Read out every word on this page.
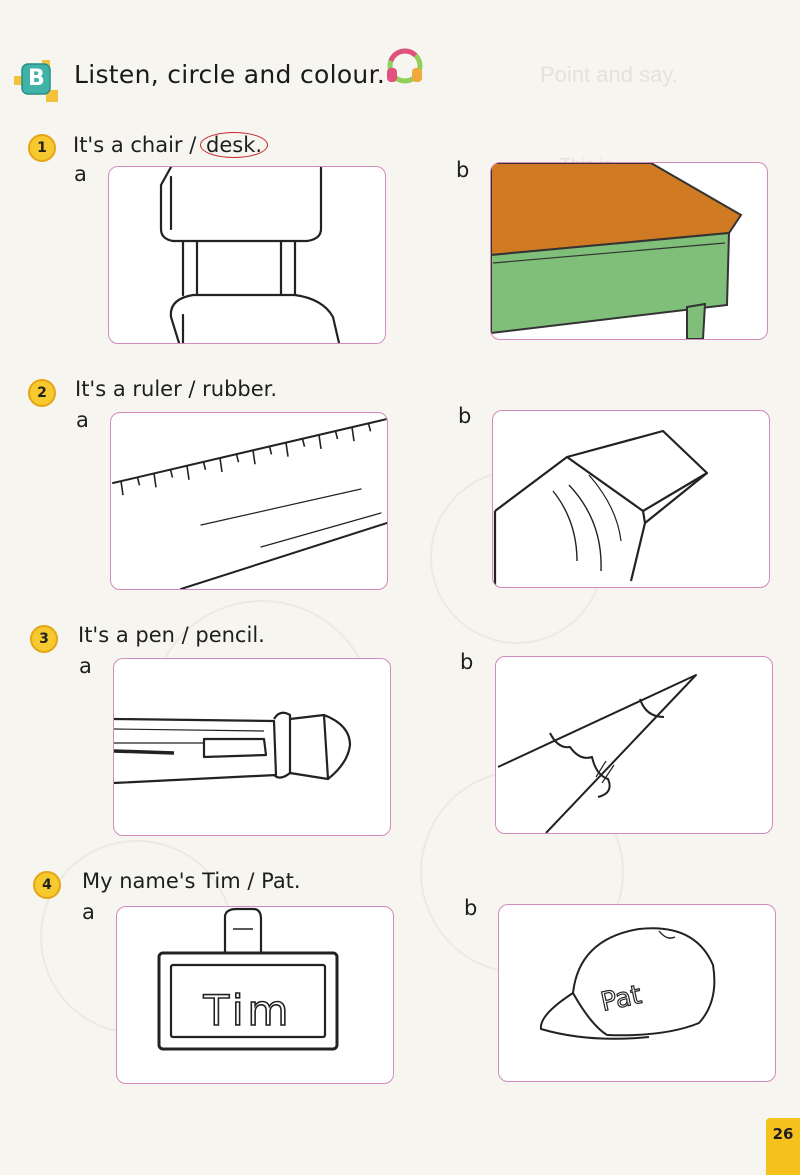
Point and say.
B Listen, circle and colour.
1	It's a chair / desk.
a	b
2	It's a ruler / rubber.
a	b
3	It's a pen / pencil.
a	b
4	My name's Tim / Pat.
a	b
Tim	Pat
26
